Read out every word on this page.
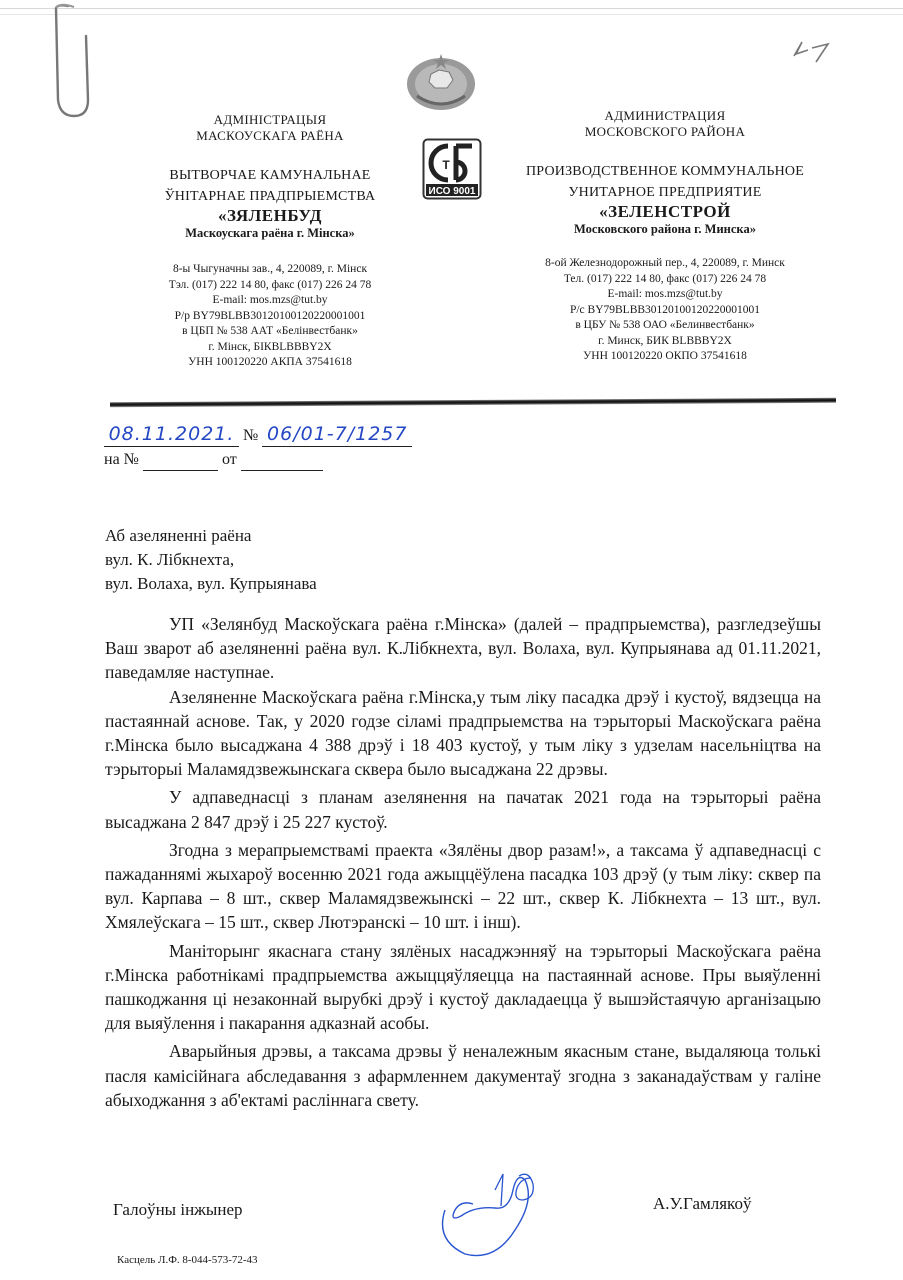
АДМІНІСТРАЦЫЯ
МАСКОУСКАГА РАЁНА
ВЫТВОРЧАЕ КАМУНАЛЬНАЕ
ЎНІТАРНАЕ ПРАДПРЫЕМСТВА
«ЗЯЛЕНБУД
Маскоускага раёна г. Мінска»
8-ы Чыгуначны зав., 4, 220089, г. Мінск
Тэл. (017) 222 14 80, факс (017) 226 24 78
E-mail: mos.mzs@tut.by
Р/р BY79BLBB30120100120220001001
в ЦБП № 538 ААТ «Белінвестбанк»
г. Мінск, БІКBLBBBY2X
УНН 100120220 АКПА 37541618
Т
ИСО 9001
АДМИНИСТРАЦИЯ
МОСКОВСКОГО РАЙОНА
ПРОИЗВОДСТВЕННОЕ КОММУНАЛЬНОЕ
УНИТАРНОЕ ПРЕДПРИЯТИЕ
«ЗЕЛЕНСТРОЙ
Московского района г. Минска»
8-ой Железнодорожный пер., 4, 220089, г. Минск
Тел. (017) 222 14 80, факс (017) 226 24 78
E-mail: mos.mzs@tut.by
Р/с BY79BLBB30120100120220001001
в ЦБУ № 538 ОАО «Белинвестбанк»
г. Минск, БИК BLBBBY2X
УНН 100120220 ОКПО 37541618
08.11.2021. № 06/01-7/1257
на №	от
Аб азеляненні раёна
вул. К. Лібкнехта,
вул. Волаха, вул. Купрыянава

УП «Зелянбуд Маскоўскага раёна г.Мінска» (далей – прадпрыемства), разгледзеўшы Ваш зварот аб азеляненні раёна вул. К.Лібкнехта, вул. Волаха, вул. Купрыянава ад 01.11.2021, паведамляе наступнае.

Азеляненне Маскоўскага раёна г.Мінска,у тым ліку пасадка дрэў і кустоў, вядзецца на пастаяннай аснове. Так, у 2020 годзе сіламі прадпрыемства на тэрыторыі Маскоўскага раёна г.Мінска было высаджана 4 388 дрэў і 18 403 кустоў, у тым ліку з удзелам насельніцтва на тэрыторыі Маламядзвежынскага сквера было высаджана 22 дрэвы.

У адпаведнасці з планам азелянення на пачатак 2021 года на тэрыторыі раёна высаджана 2 847 дрэў і 25 227 кустоў.

Згодна з мерапрыемствамі праекта «Зялёны двор разам!», а таксама ў адпаведнасці с пажаданнямі жыхароў восенню 2021 года ажыццёўлена пасадка 103 дрэў (у тым ліку: сквер па вул. Карпава – 8 шт., сквер Маламядзвежынскі – 22 шт., сквер К. Лібкнехта – 13 шт., вул. Хмялеўскага – 15 шт., сквер Лютэранскі – 10 шт. і інш).

Маніторынг якаснага стану зялёных насаджэнняў на тэрыторыі Маскоўскага раёна г.Мінска работнікамі прадпрыемства ажыццяўляецца на пастаяннай аснове. Пры выяўленні пашкоджання ці незаконнай вырубкі дрэў і кустоў дакладаецца ў вышэйстаячую арганізацыю для выяўлення і пакарання адказнай асобы.

Аварыйныя дрэвы, а таксама дрэвы ў неналежным якасным стане, выдаляюца толькі пасля камісійнага абследавання з афармленнем дакументаў згодна з заканадаўствам у галіне абыходжання з аб'ектамі расліннага свету.

Галоўны інжынер	А.У.Гамлякоў
Касцель Л.Ф. 8-044-573-72-43
